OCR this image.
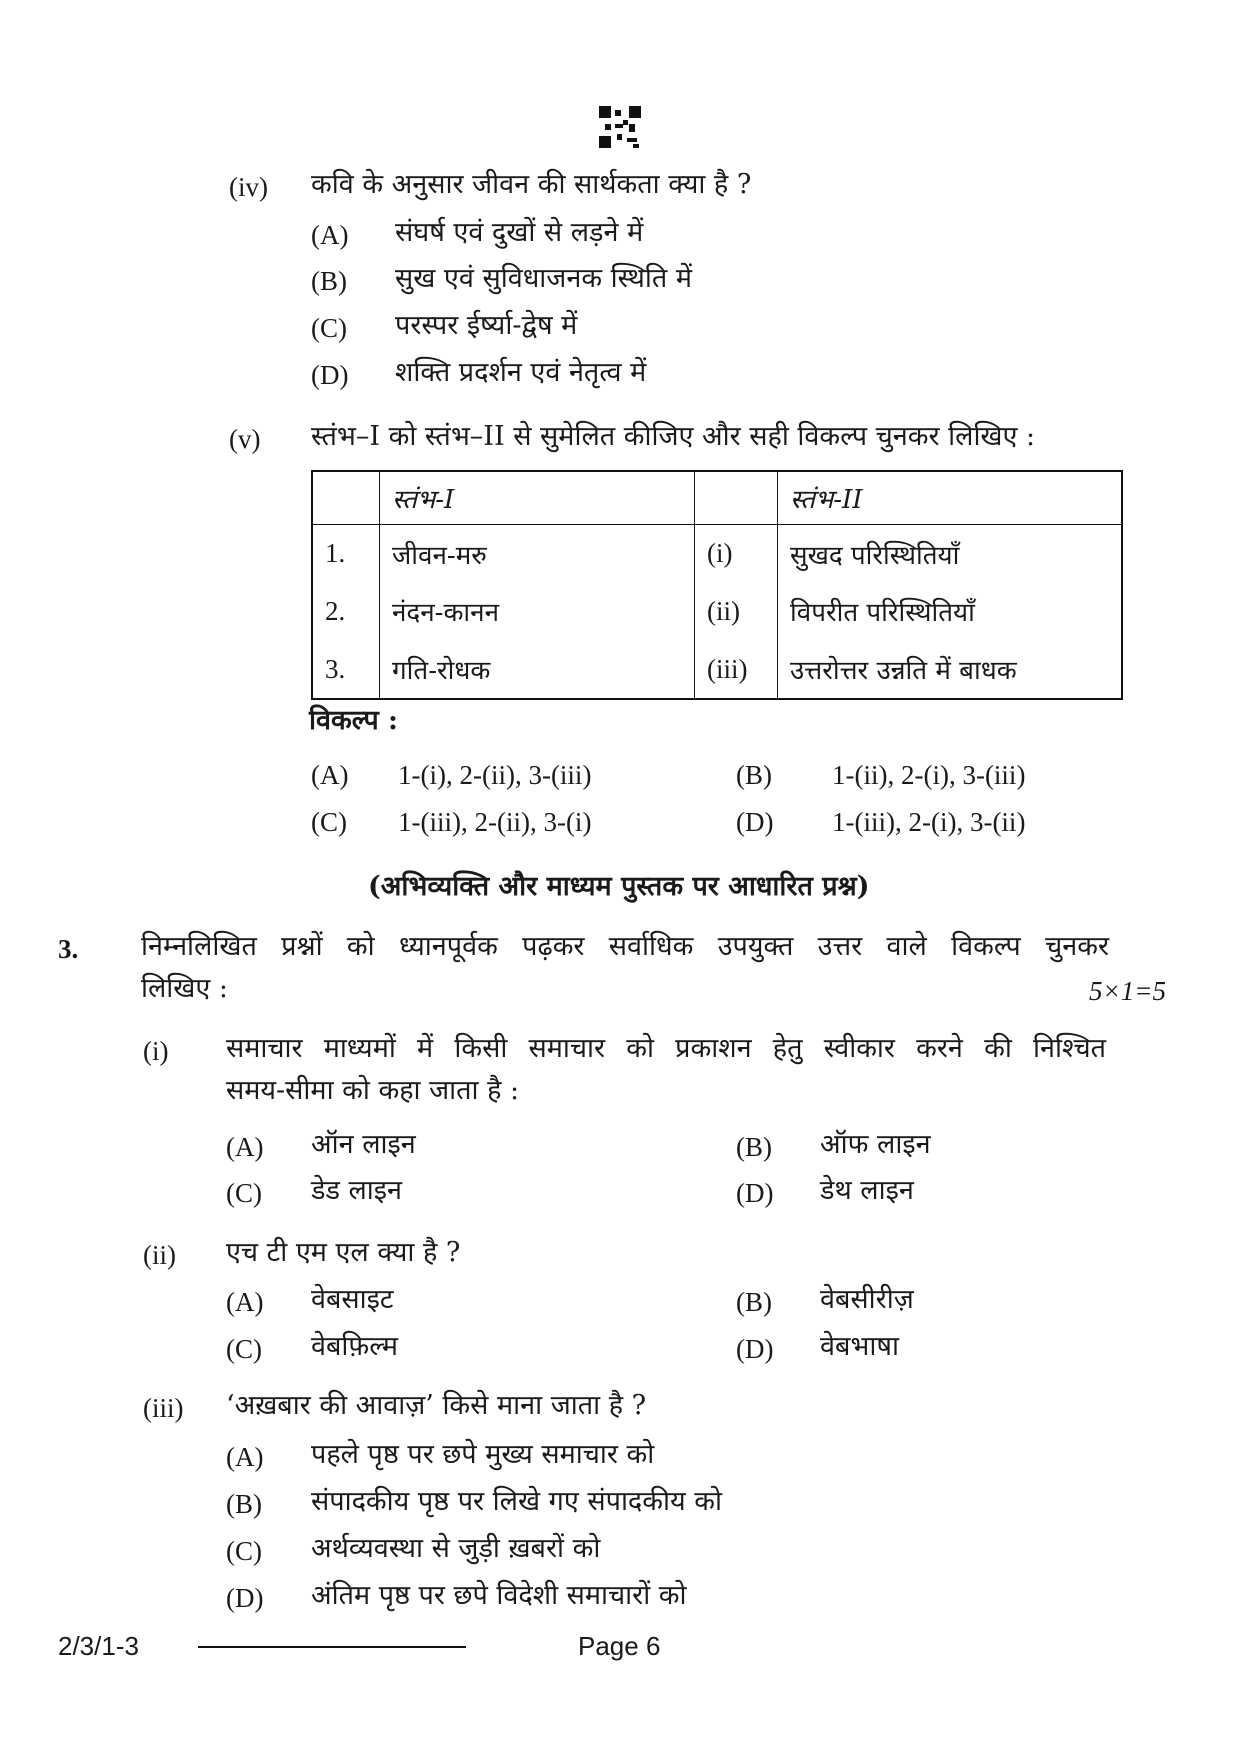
(iv) कवि के अनुसार जीवन की सार्थकता क्या है ?
(A) संघर्ष एवं दुखों से लड़ने में
(B) सुख एवं सुविधाजनक स्थिति में
(C) परस्पर ईर्ष्या-द्वेष में
(D) शक्ति प्रदर्शन एवं नेतृत्व में
(v) स्तंभ–I को स्तंभ–II से सुमेलित कीजिए और सही विकल्प चुनकर लिखिए :
	स्तंभ-I		स्तंभ-II
1.	जीवन-मरु	(i)	सुखद परिस्थितियाँ
2.	नंदन-कानन	(ii)	विपरीत परिस्थितियाँ
3.	गति-रोधक	(iii)	उत्तरोत्तर उन्नति में बाधक
विकल्प :
(A) 1-(i), 2-(ii), 3-(iii)	(B) 1-(ii), 2-(i), 3-(iii)
(C) 1-(iii), 2-(ii), 3-(i)	(D) 1-(iii), 2-(i), 3-(ii)
(अभिव्यक्ति और माध्यम पुस्तक पर आधारित प्रश्न)
3. निम्नलिखित प्रश्नों को ध्यानपूर्वक पढ़कर सर्वाधिक उपयुक्त उत्तर वाले विकल्प चुनकर
लिखिए :	5×1=5
(i) समाचार माध्यमों में किसी समाचार को प्रकाशन हेतु स्वीकार करने की निश्चित
समय-सीमा को कहा जाता है :
(A) ऑन लाइन	(B) ऑफ लाइन
(C) डेड लाइन	(D) डेथ लाइन
(ii) एच टी एम एल क्या है ?
(A) वेबसाइट	(B) वेबसीरीज़
(C) वेबफ़िल्म	(D) वेबभाषा
(iii) ‘अख़बार की आवाज़’ किसे माना जाता है ?
(A) पहले पृष्ठ पर छपे मुख्य समाचार को
(B) संपादकीय पृष्ठ पर लिखे गए संपादकीय को
(C) अर्थव्यवस्था से जुड़ी ख़बरों को
(D) अंतिम पृष्ठ पर छपे विदेशी समाचारों को
2/3/1-3	Page 6
